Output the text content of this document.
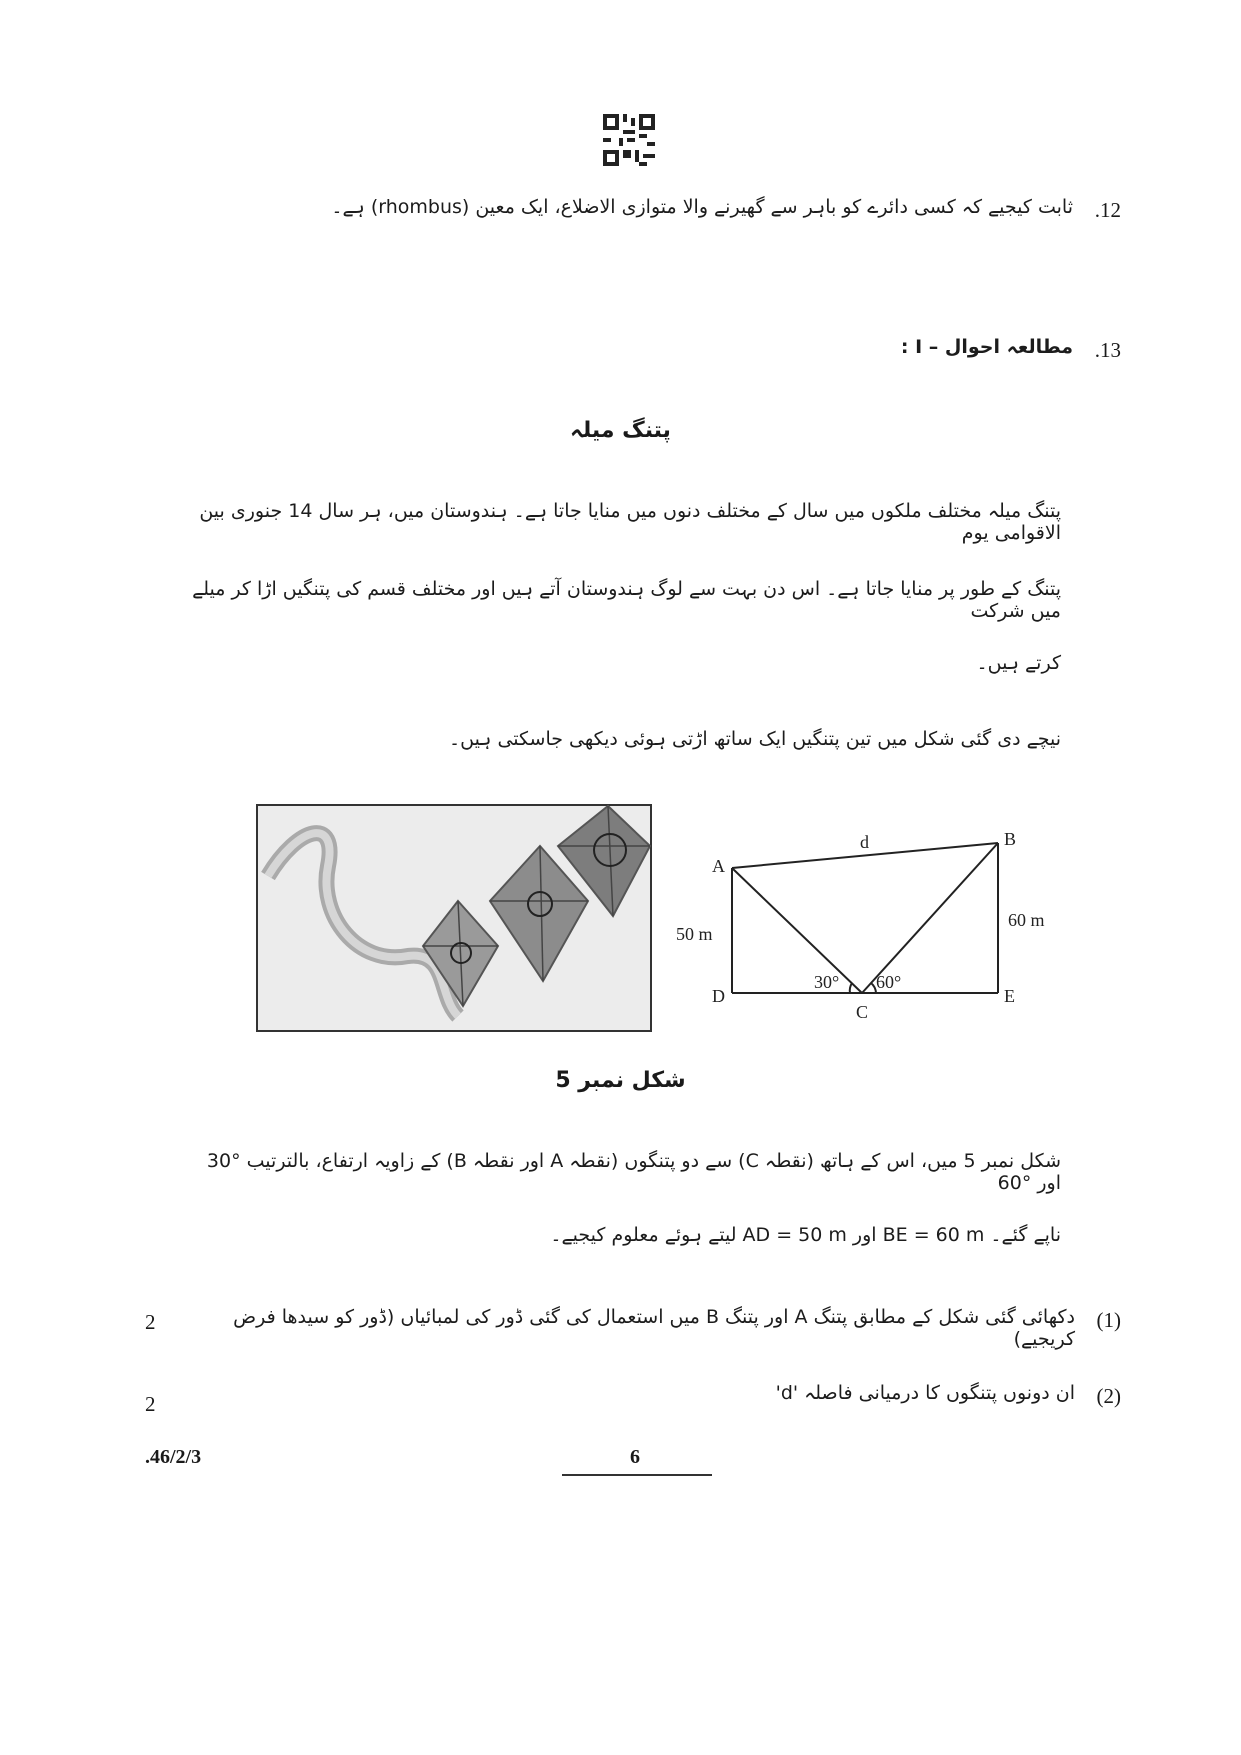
.12
ثابت کیجیے کہ کسی دائرے کو باہر سے گھیرنے والا متوازی الاضلاع، ایک معین (rhombus) ہے۔
.13
مطالعہ احوال – I :
پتنگ میلہ
پتنگ میلہ مختلف ملکوں میں سال کے مختلف دنوں میں منایا جاتا ہے۔ ہندوستان میں، ہر سال 14 جنوری بین الاقوامی یوم
پتنگ کے طور پر منایا جاتا ہے۔ اس دن بہت سے لوگ ہندوستان آتے ہیں اور مختلف قسم کی پتنگیں اڑا کر میلے میں شرکت
کرتے ہیں۔
نیچے دی گئی شکل میں تین پتنگیں ایک ساتھ اڑتی ہوئی دیکھی جاسکتی ہیں۔
A
B
C
D	E
d
50 m
60 m
30° 60°
شکل نمبر 5
شکل نمبر 5 میں، اس کے ہاتھ (نقطہ C) سے دو پتنگوں (نقطہ A اور نقطہ B) کے زاویہ ارتفاع، بالترتیب °30 اور °60
ناپے گئے۔ BE = 60 m اور AD = 50 m لیتے ہوئے معلوم کیجیے۔
(1)
دکھائی گئی شکل کے مطابق پتنگ A اور پتنگ B میں استعمال کی گئی ڈور کی لمبائیاں (ڈور کو سیدھا فرض کریجیے)
2
(2)
ان دونوں پتنگوں کا درمیانی فاصلہ 'd'
2
.46/2/3	6
